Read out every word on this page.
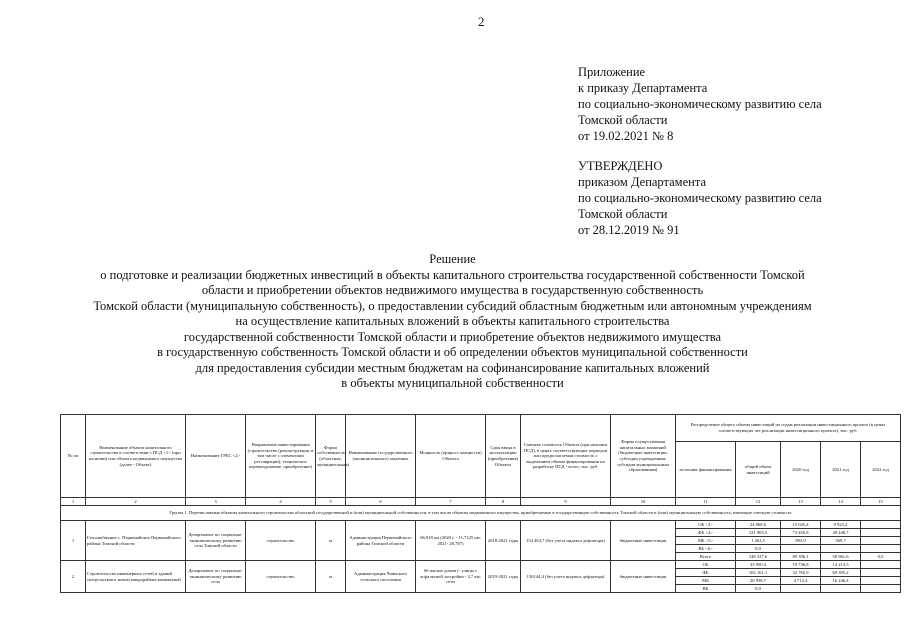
2
Приложение
к приказу Департамента
по социально-экономическому развитию села
Томской области
от 19.02.2021 № 8
УТВЕРЖДЕНО
приказом Департамента
по социально-экономическому развитию села
Томской области
от 28.12.2019 № 91
Решение
о подготовке и реализации бюджетных инвестиций в объекты капитального строительства государственной собственности Томской
области и приобретении объектов недвижимого имущества в государственную собственность
Томской области (муниципальную собственность), о предоставлении субсидий областным бюджетным или автономным учреждениям
на осуществление капитальных вложений в объекты капитального строительства
государственной собственности Томской области и приобретение объектов недвижимого имущества
в государственную собственность Томской области и об определении объектов муниципальной собственности
для предоставления субсидии местным бюджетам на софинансирование капитальных вложений
в объекты муниципальной собственности
№ пп	Наименование объекта капитального строительства в соответствии с ПСД <1> (при наличии) или объекта недвижимого имущества (далее - Объект)	Наименование ГРБС <2>	Направление инвестирования (строительство (реконструкция, в том числе с элементами реставрации), техническое перевооружение, приобретение)	Форма собственности (областная, муниципальная)	Наименование государственного (муниципального) заказчика	Мощность (прирост мощности) Объекта	Срок ввода в эксплуатацию (приобретения) Объекта	Сметная стоимость Объекта (при наличии ПСД), в ценах соответствующих периодов или предполагаемая стоимость с выделением объема финансирования на разработку ПСД - всего, тыс. руб.	Форма осуществления капитальных вложений (бюджетные инвестиции, субсидии учреждениям, субсидии муниципальным образованиям)	Распределение общего объема инвестиций по годам реализации инвестиционного проекта (в ценах соответствующих лет реализации инвестиционного проекта), тыс. руб.				
										источник финансирования	общий объем инвестиций	2020 год	2021 год	2022 год
1	2	3	4	5	6	7	8	9	10	11	12	13	14	15
Группа 1. Перечисляемые объекты капитального строительства областной государственной и (или) муниципальной собственности, в том числе объекты недвижимого имущества, приобретаемые в государственную собственность Томской области и (или) муниципальную собственность, имеющие сметную стоимость														
1	Газоснабжение с. Первомайское Первомайского района Томской области	Департамент по социально-экономическому развитию села Томской области	строительство	м	Администрация Первомайского района Томской области	66,918 км (2020 г. - 11,7125 км; 2021- 28,787)	2018-2021 годы	154 463,7 (без учета индекса дефлятора)	бюджетные инвестиции	ОБ <3>	24 968,6	15 045,4	9 923,2	
										ФБ <4>	121 905,5	73 456,8	48 448,7	
										МБ <5>	1 463,5	893,9	569,7	
										ВБ <6>	0,0			
										Всего	148 337,6	89 396,1	58 961,6	0,0
2	Строительство инженерных сетей и зданий спецучастков в новом микрорайоне компактной	Департамент по социально-экономическому развитию села	строительство	м	Администрация Чаинского сельского поселения	66 жилых домов (- улицы с асфальтной застройки - 3,7 км; сети	2019-2021 годы	156144,4 (без учета индекса дефлятора)	бюджетные инвестиции	ОБ	33 950,3	19 736,8	14 213,5	
										ФБ	102 161,1	32 765,9	69 395,2	
										МБ	20 958,7	4 712,4	16 246,4	
										ВБ	0,0			
